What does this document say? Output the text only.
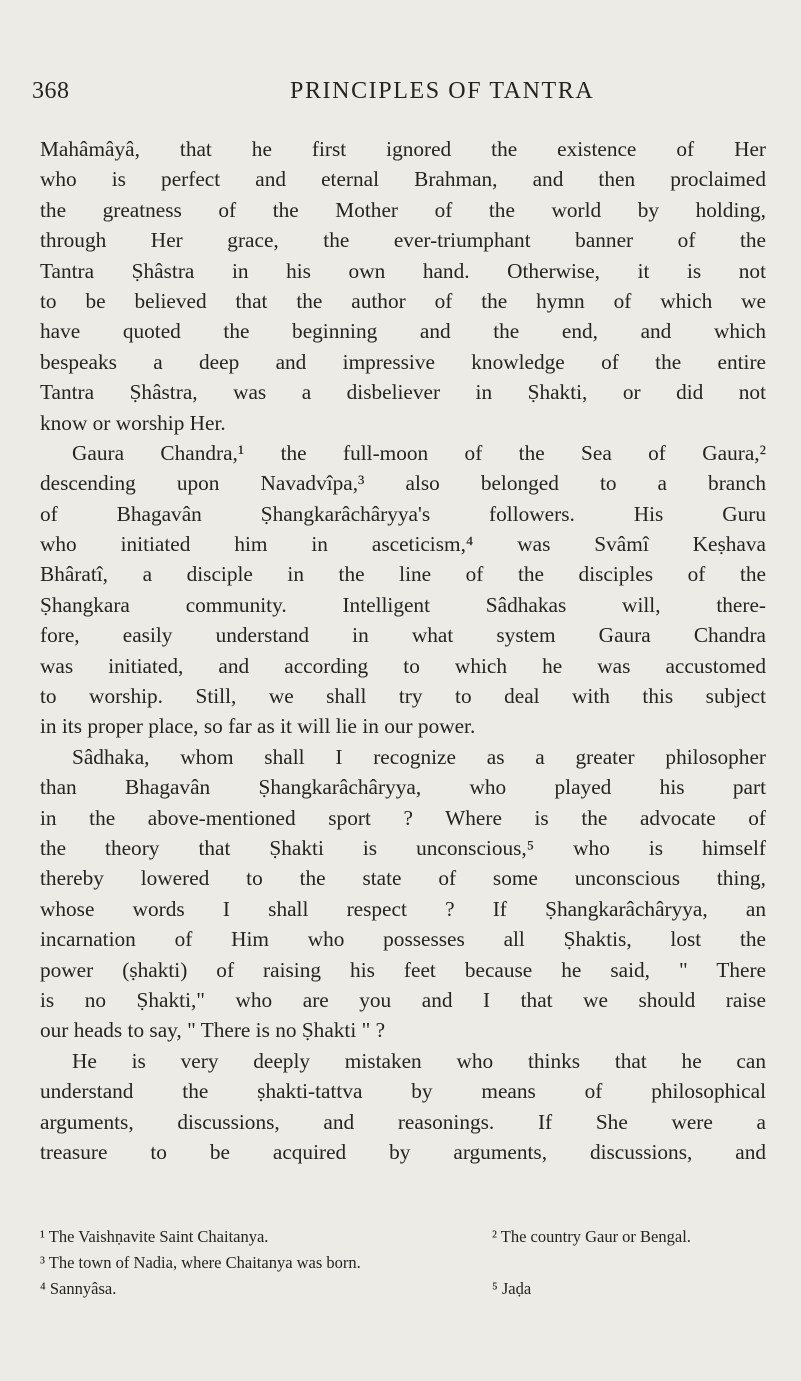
368	PRINCIPLES OF TANTRA
Mahâmâyâ, that he first ignored the existence of Her
who is perfect and eternal Brahman, and then proclaimed
the greatness of the Mother of the world by holding,
through Her grace, the ever-triumphant banner of the
Tantra Ṣhâstra in his own hand. Otherwise, it is not
to be believed that the author of the hymn of which we
have quoted the beginning and the end, and which
bespeaks a deep and impressive knowledge of the entire
Tantra Ṣhâstra, was a disbeliever in Ṣhakti, or did not
know or worship Her.
Gaura Chandra,¹ the full-moon of the Sea of Gaura,²
descending upon Navadvîpa,³ also belonged to a branch
of Bhagavân Ṣhangkarâchâryya's followers. His Guru
who initiated him in asceticism,⁴ was Svâmî Keṣhava
Bhâratî, a disciple in the line of the disciples of the
Ṣhangkara community. Intelligent Sâdhakas will, there-
fore, easily understand in what system Gaura Chandra
was initiated, and according to which he was accustomed
to worship. Still, we shall try to deal with this subject
in its proper place, so far as it will lie in our power.
Sâdhaka, whom shall I recognize as a greater philosopher
than Bhagavân Ṣhangkarâchâryya, who played his part
in the above-mentioned sport ? Where is the advocate of
the theory that Ṣhakti is unconscious,⁵ who is himself
thereby lowered to the state of some unconscious thing,
whose words I shall respect ? If Ṣhangkarâchâryya, an
incarnation of Him who possesses all Ṣhaktis, lost the
power (ṣhakti) of raising his feet because he said, " There
is no Ṣhakti," who are you and I that we should raise
our heads to say, " There is no Ṣhakti " ?
He is very deeply mistaken who thinks that he can
understand the ṣhakti-tattva by means of philosophical
arguments, discussions, and reasonings. If She were a
treasure to be acquired by arguments, discussions, and
¹ The Vaishṇavite Saint Chaitanya.	² The country Gaur or Bengal.
³ The town of Nadia, where Chaitanya was born.
⁴ Sannyâsa.	⁵ Jaḍa
